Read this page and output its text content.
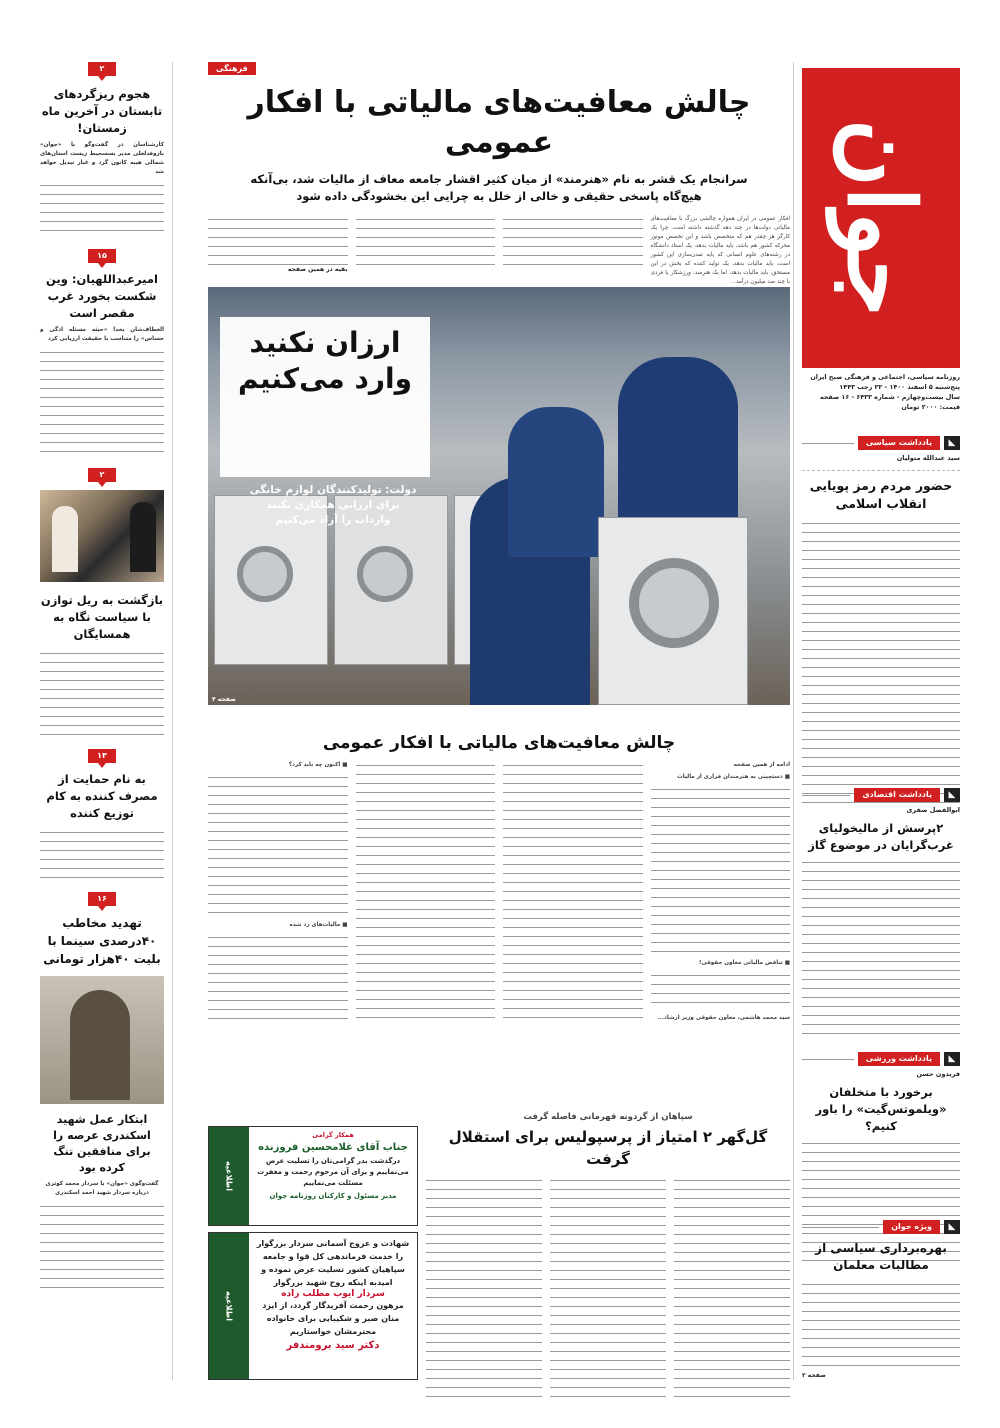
جوان
روزنامه سیاسی، اجتماعی و فرهنگی صبح ایران
پنج‌شنبه ۵ اسفند ۱۴۰۰ - ۲۲ رجب ۱۴۴۳
سال بیست‌وچهارم - شماره ۶۴۳۳ - ۱۶ صفحه
قیمت: ۲۰۰۰ تومان
◣
یادداشت سیاسی
سید عبدالله متولیان
حضور مردم رمز پویایی انقلاب اسلامی
◣
یادداشت اقتصادی
ابوالفضل صفری
۲پرسش از مالیخولیای غرب‌گرایان در موضوع گاز
◣
یادداشت ورزشی
فریدون حسن
برخورد با متخلفان «ویلموتس‌گیت» را باور کنیم؟
◣
ویژه جوان
بهره‌برداری سیاسی از مطالبات معلمان
صفحه ۲
۲
هجوم ریزگردهای تابستان در آخرین ماه زمستان!
کارشناسان در گفت‌وگو با «جوان» بازوفدلعلی مدیر بسسحیط زیست استان‌های شمالی هیبه کانون گرد و غبار تبدیل خواهد شد
۱۵
امیرعبداللهیان: وین شکست بخورد غرب مقصر است
العطاف‌شان یخدا «حیثه مسئله ادگی و حساس» را متناسب با حقیقت ارزیابی کرد
۲
بازگشت به ریل توازن با سیاست نگاه به همسایگان
۱۳
به نام حمایت از مصرف کننده به کام توزیع کننده
۱۶
تهدید مخاطب ۴۰درصدی سینما با بلیت ۴۰هزار تومانی
ابتکار عمل شهید اسکندری عرصه را برای منافقین تنگ کرده بود
گفت‌وگوی «جوان» با سردار محمد کوثری درباره سردار شهید احمد اسکندری
فرهنگی
چالش معافیت‌های مالیاتی با افکار عمومی
سرانجام یک قشر به نام «هنرمند» از میان کثیر اقشار جامعه معاف از مالیات شد، بی‌آنکه هیچ‌گاه پاسخی حقیقی و خالی از خلل به چرایی این بخشودگی داده شود
افکار عمومی در ایران همواره چالشی بزرگ با معافیت‌های مالیاتی دولت‌ها در چند دهه گذشته داشته است. چرا یک کارگر هر چقدر هم که متخصص باشد و این تخصص موتور محرکه کشور هم باشد، باید مالیات بدهد، یک استاد دانشگاه در رشته‌های علوم انسانی که پایه تمدن‌سازی این کشور است، باید مالیات بدهد، یک تولید کننده که بخش در این مستحق، باید مالیات بدهد، اما یک هنرمند، ورزشکار یا فردی با چند صد میلیون درآمد...
بقیه در همین صفحه
ارزان نکنید وارد می‌کنیم
دولت: تولیدکنندگان لوازم خانگی برای ارزانی همکاری نکنند واردات را آزاد می‌کنیم
صفحه ۴
چالش معافیت‌های مالیاتی با افکار عمومی
ادامه از همین صفحه
■ دستچینی به هنرمندان فراری از مالیات
■ تناقض مالیاتی معاون حقوقی!
سید محمد هاشمی، معاون حقوقی وزیر ارشاد...
■ اکنون چه باید کرد؟
■ مالیات‌های رد شده
سپاهان از گردونه قهرمانی فاصله گرفت
گل‌گهر ۲ امتیاز از پرسپولیس برای استقلال گرفت
همکار گرامی
جناب آقای غلامحسین فروزنده
درگذشت بدر گرامی‌تان را تسلیت عرض می‌نماییم و برای آن مرحوم رحمت و مغفرت مسئلت می‌نماییم
مدیر مسئول و کارکنان روزنامه جوان
اطلاعیه
شهادت و عروج آسمانی سردار بزرگوار را خدمت فرماندهی کل قوا و جامعه سپاهیان کشور تسلیت عرض نموده و امیدبه اینکه روح شهید بزرگوار
سردار ایوب مطلب زاده
مرهون رحمت آفریدگار گردد، از ایزد منان صبر و شکیبایی برای خانواده محترمشان خواستاریم
دکتر سید برومندفر
اطلاعیه
